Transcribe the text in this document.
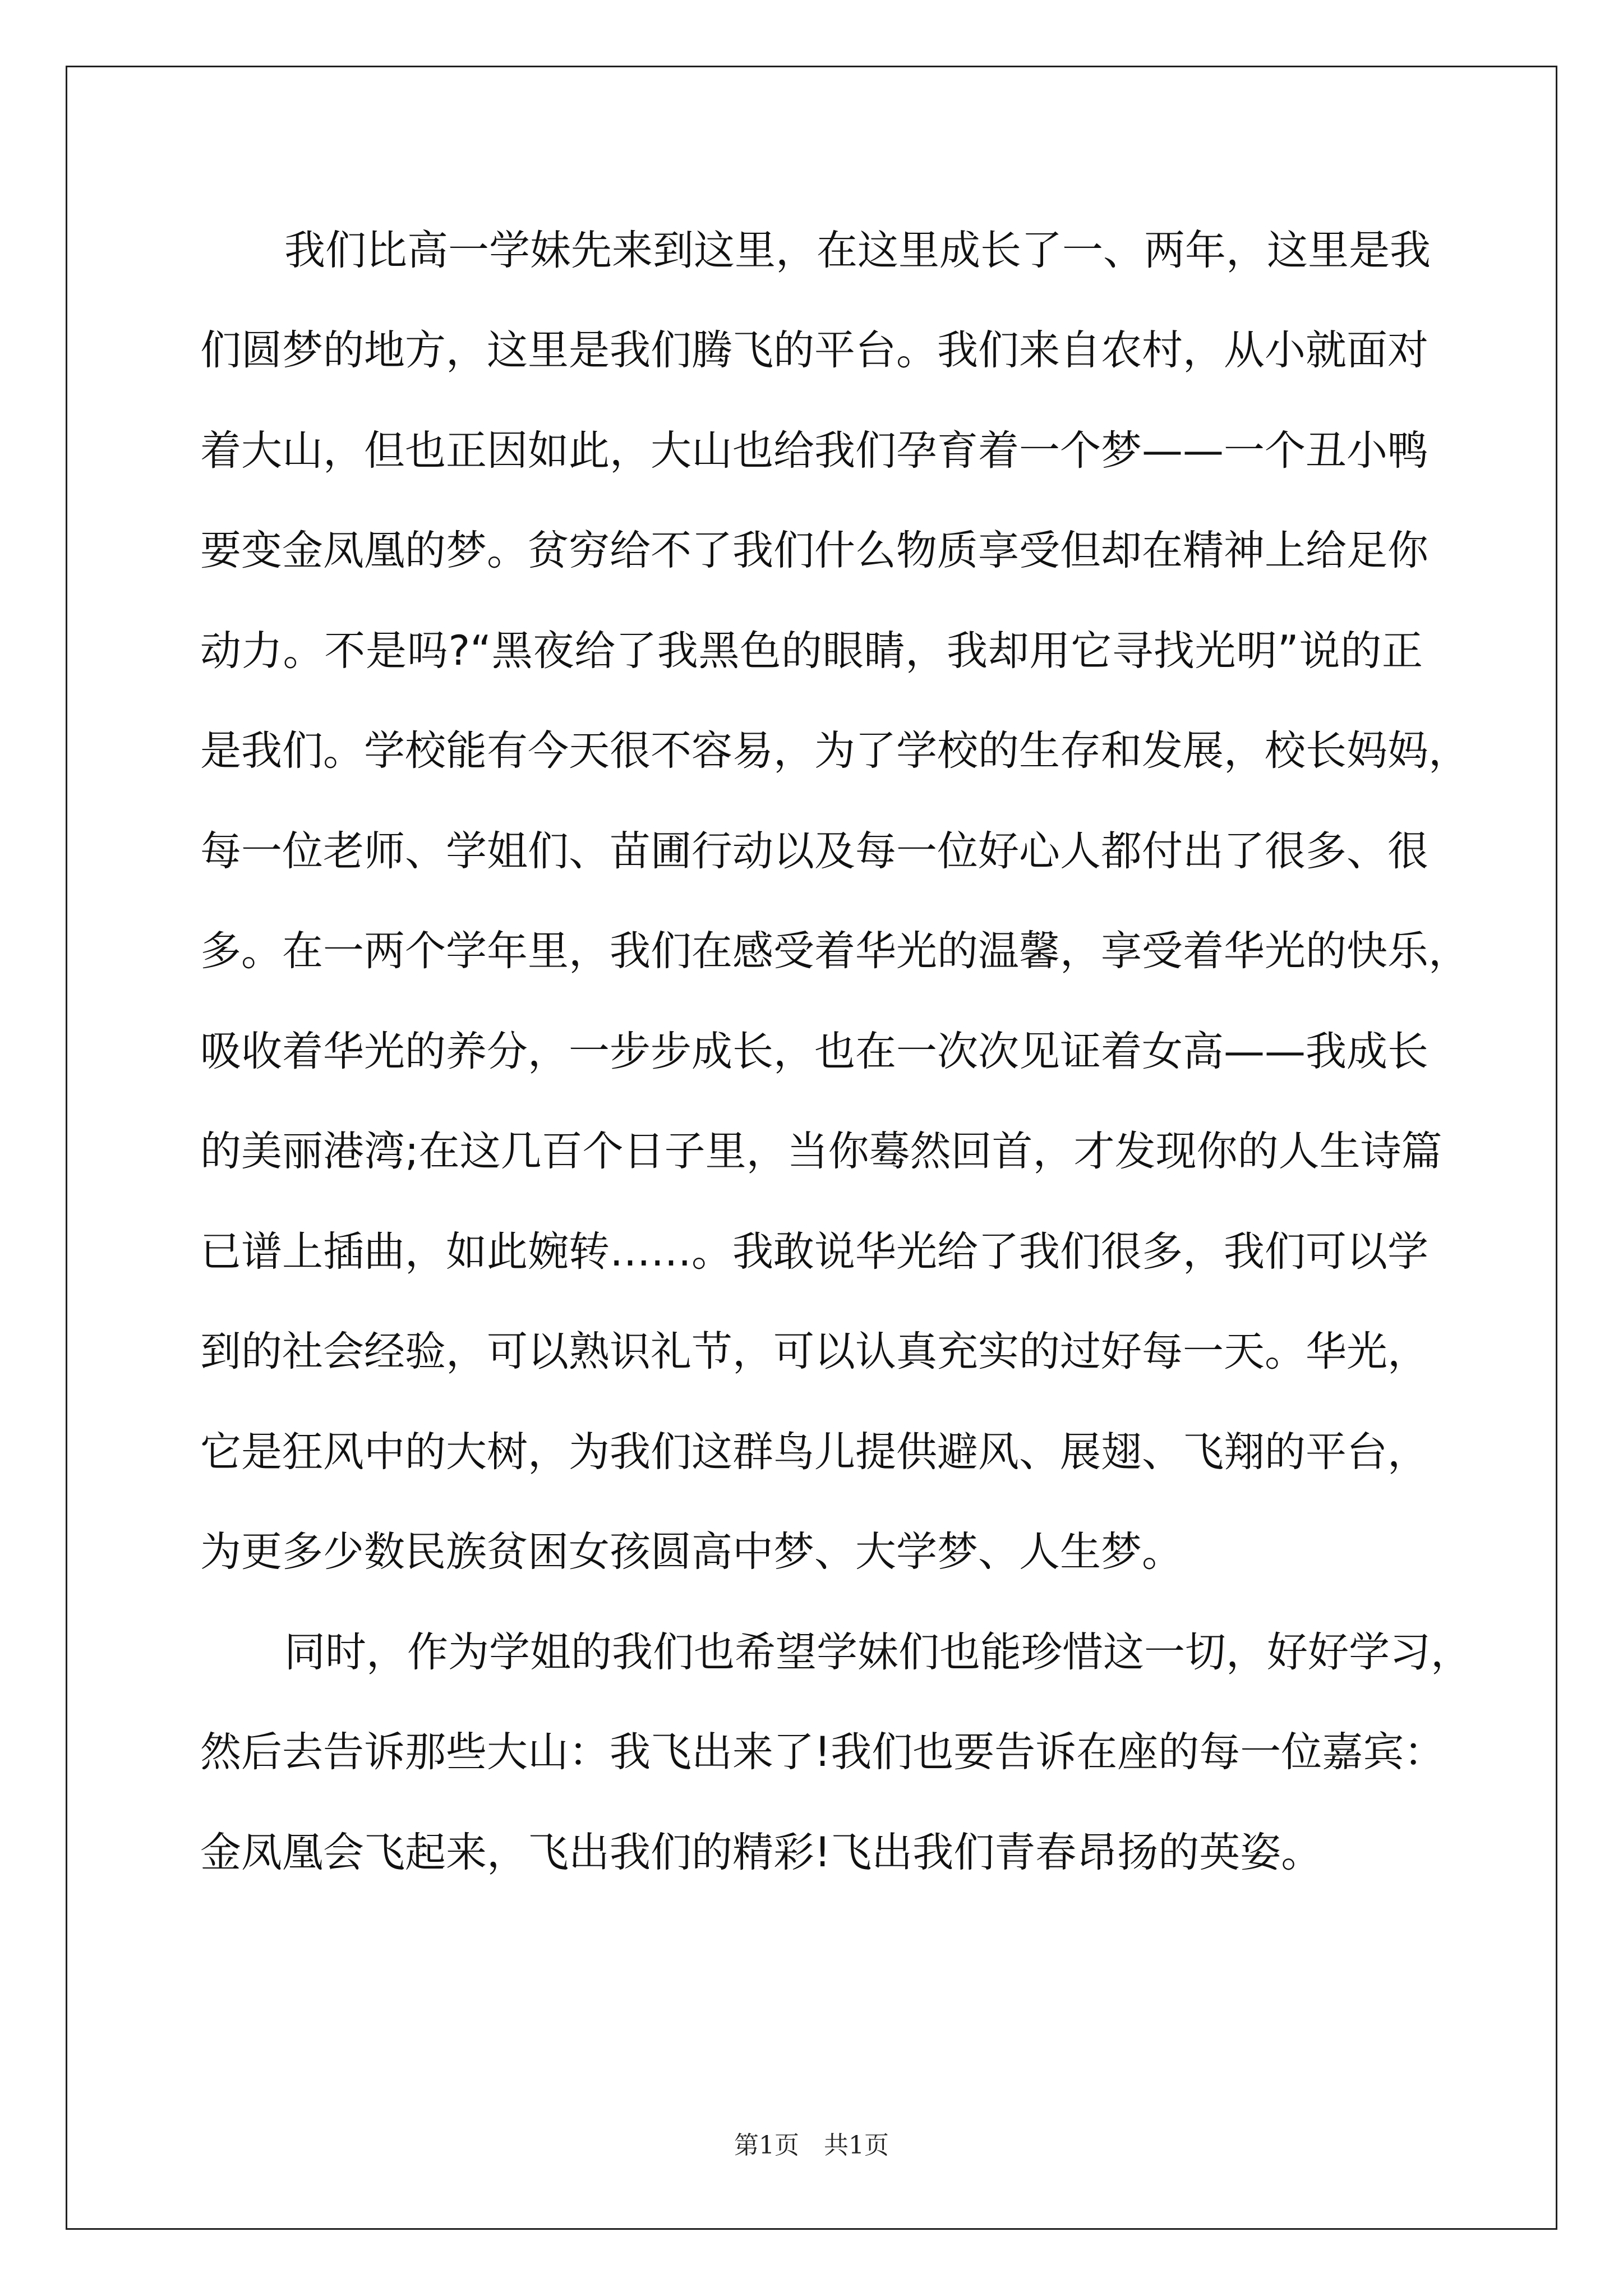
我们比高一学妹先来到这里，在这里成长了一、两年，这里是我
们圆梦的地方，这里是我们腾飞的平台。我们来自农村，从小就面对
着大山，但也正因如此，大山也给我们孕育着一个梦——一个丑小鸭
要变金凤凰的梦。贫穷给不了我们什么物质享受但却在精神上给足你
动力。不是吗?“黑夜给了我黑色的眼睛，我却用它寻找光明”说的正
是我们。学校能有今天很不容易，为了学校的生存和发展，校长妈妈，
每一位老师、学姐们、苗圃行动以及每一位好心人都付出了很多、很
多。在一两个学年里，我们在感受着华光的温馨，享受着华光的快乐，
吸收着华光的养分，一步步成长，也在一次次见证着女高——我成长
的美丽港湾;在这几百个日子里，当你蓦然回首，才发现你的人生诗篇
已谱上插曲，如此婉转……。我敢说华光给了我们很多，我们可以学
到的社会经验，可以熟识礼节，可以认真充实的过好每一天。华光，
它是狂风中的大树，为我们这群鸟儿提供避风、展翅、飞翔的平台，
为更多少数民族贫困女孩圆高中梦、大学梦、人生梦。
同时，作为学姐的我们也希望学妹们也能珍惜这一切，好好学习，
然后去告诉那些大山：我飞出来了!我们也要告诉在座的每一位嘉宾：
金凤凰会飞起来，飞出我们的精彩!飞出我们青春昂扬的英姿。
第1页　共1页
